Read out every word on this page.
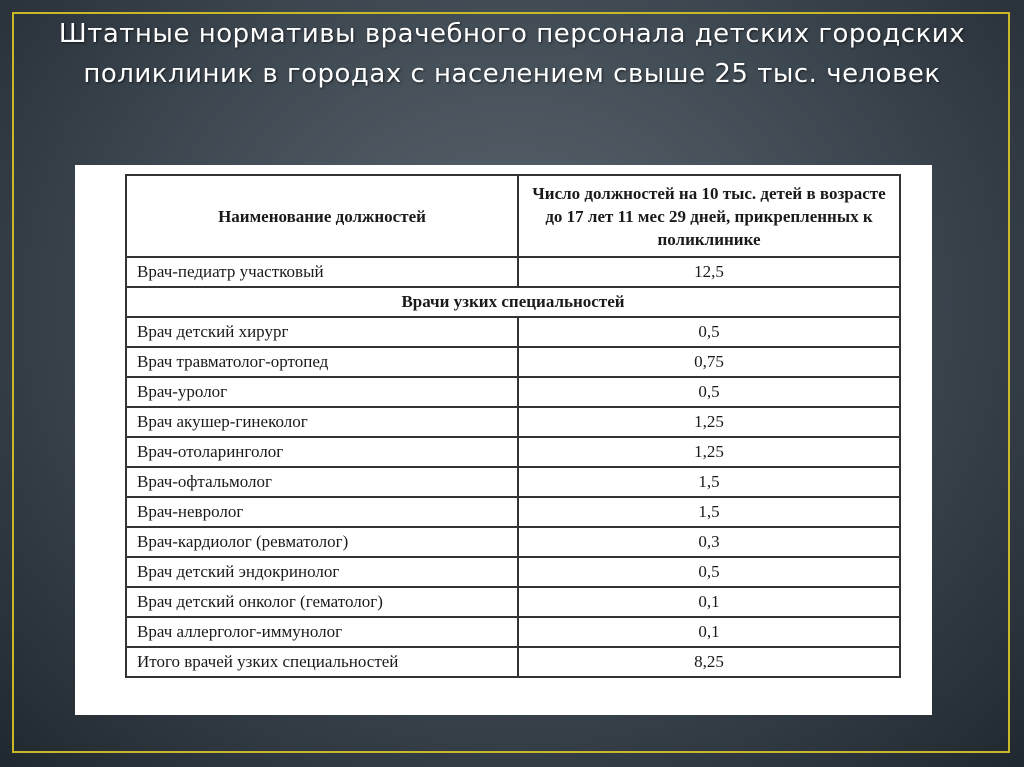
Штатные нормативы врачебного персонала детских городских поликлиник в городах с населением свыше 25 тыс. человек
Наименование должностей	Число должностей на 10 тыс. детей в возрасте до 17 лет 11 мес 29 дней, прикрепленных к поликлинике
Врач-педиатр участковый	12,5
Врачи узких специальностей	
Врач детский хирург	0,5
Врач травматолог-ортопед	0,75
Врач-уролог	0,5
Врач акушер-гинеколог	1,25
Врач-отоларинголог	1,25
Врач-офтальмолог	1,5
Врач-невролог	1,5
Врач-кардиолог (ревматолог)	0,3
Врач детский эндокринолог	0,5
Врач детский онколог (гематолог)	0,1
Врач аллерголог-иммунолог	0,1
Итого врачей узких специальностей	8,25
